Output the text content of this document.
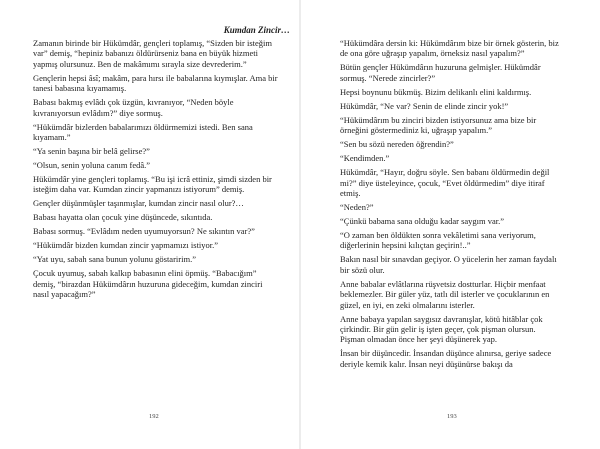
Kumdan Zincir…

Zamanın birinde bir Hükümdâr, gençleri toplamış, “Sizden bir isteğim var” demiş, “hepiniz babanızı öldürürseniz bana en büyük hizmeti yapmış olursunuz. Ben de makâmımı sırayla size devrederim.”

Gençlerin hepsi âsî; makâm, para hırsı ile babalarına kıymışlar. Ama bir tanesi babasına kıyamamış.

Babası bakmış evlâdı çok üzgün, kıvranıyor, “Neden böyle kıvranıyorsun evlâdım?” diye sormuş.

“Hükümdâr bizlerden babalarımızı öldürmemizi istedi. Ben sana kıyamam.”

“Ya senin başına bir belâ gelirse?”

“Olsun, senin yoluna canım fedâ.”

Hükümdâr yine gençleri toplamış. “Bu işi icrâ ettiniz, şimdi sizden bir isteğim daha var. Kumdan zincir yapmanızı istiyorum” demiş.

Gençler düşünmüşler taşınmışlar, kumdan zincir nasıl olur?…

Babası hayatta olan çocuk yine düşüncede, sıkıntıda.

Babası sormuş. “Evlâdım neden uyumuyorsun? Ne sıkıntın var?”

“Hükümdâr bizden kumdan zincir yapmamızı istiyor.”

“Yat uyu, sabah sana bunun yolunu göstaririm.”

Çocuk uyumuş, sabah kalkıp babasının elini öpmüş. “Babacığım” demiş, “birazdan Hükümdârın huzuruna gideceğim, kumdan zinciri nasıl yapacağım?”

192	193

“Hükümdâra dersin ki: Hükümdârım bize bir örnek gösterin, biz de ona göre uğraşıp yapalım, örneksiz nasıl yapalım?”

Bütün gençler Hükümdârın huzuruna gelmişler. Hükümdâr sormuş. “Nerede zincirler?”

Hepsi boynunu bükmüş. Bizim delikanlı elini kaldırmış.

Hükümdâr, “Ne var? Senin de elinde zincir yok!”

“Hükümdârım bu zinciri bizden istiyorsunuz ama bize bir örneğini göstermediniz ki, uğraşıp yapalım.”

“Sen bu sözü nereden öğrendin?”

“Kendimden.”

Hükümdâr, “Hayır, doğru söyle. Sen babanı öldürmedin değil mi?” diye üsteleyince, çocuk, “Evet öldürmedim” diye itiraf etmiş.

“Neden?”

“Çünkü babama sana olduğu kadar saygım var.”

“O zaman ben öldükten sonra vekâletimi sana veriyorum, diğerlerinin hepsini kılıçtan geçirin!..”

Bakın nasıl bir sınavdan geçiyor. O yücelerin her zaman faydalı bir sözü olur.

Anne babalar evlâtlarına rüşvetsiz dostturlar. Hiçbir menfaat beklemezler. Bir güler yüz, tatlı dil isterler ve çocuklarının en güzel, en iyi, en zeki olmalarını isterler.

Anne babaya yapılan saygısız davranışlar, kötü hitâblar çok çirkindir. Bir gün gelir iş işten geçer, çok pişman olursun. Pişman olmadan önce her şeyi düşünerek yap.

İnsan bir düşüncedir. İnsandan düşünce alınırsa, geriye sadece deriyle kemik kalır. İnsan neyi düşünürse bakışı da
